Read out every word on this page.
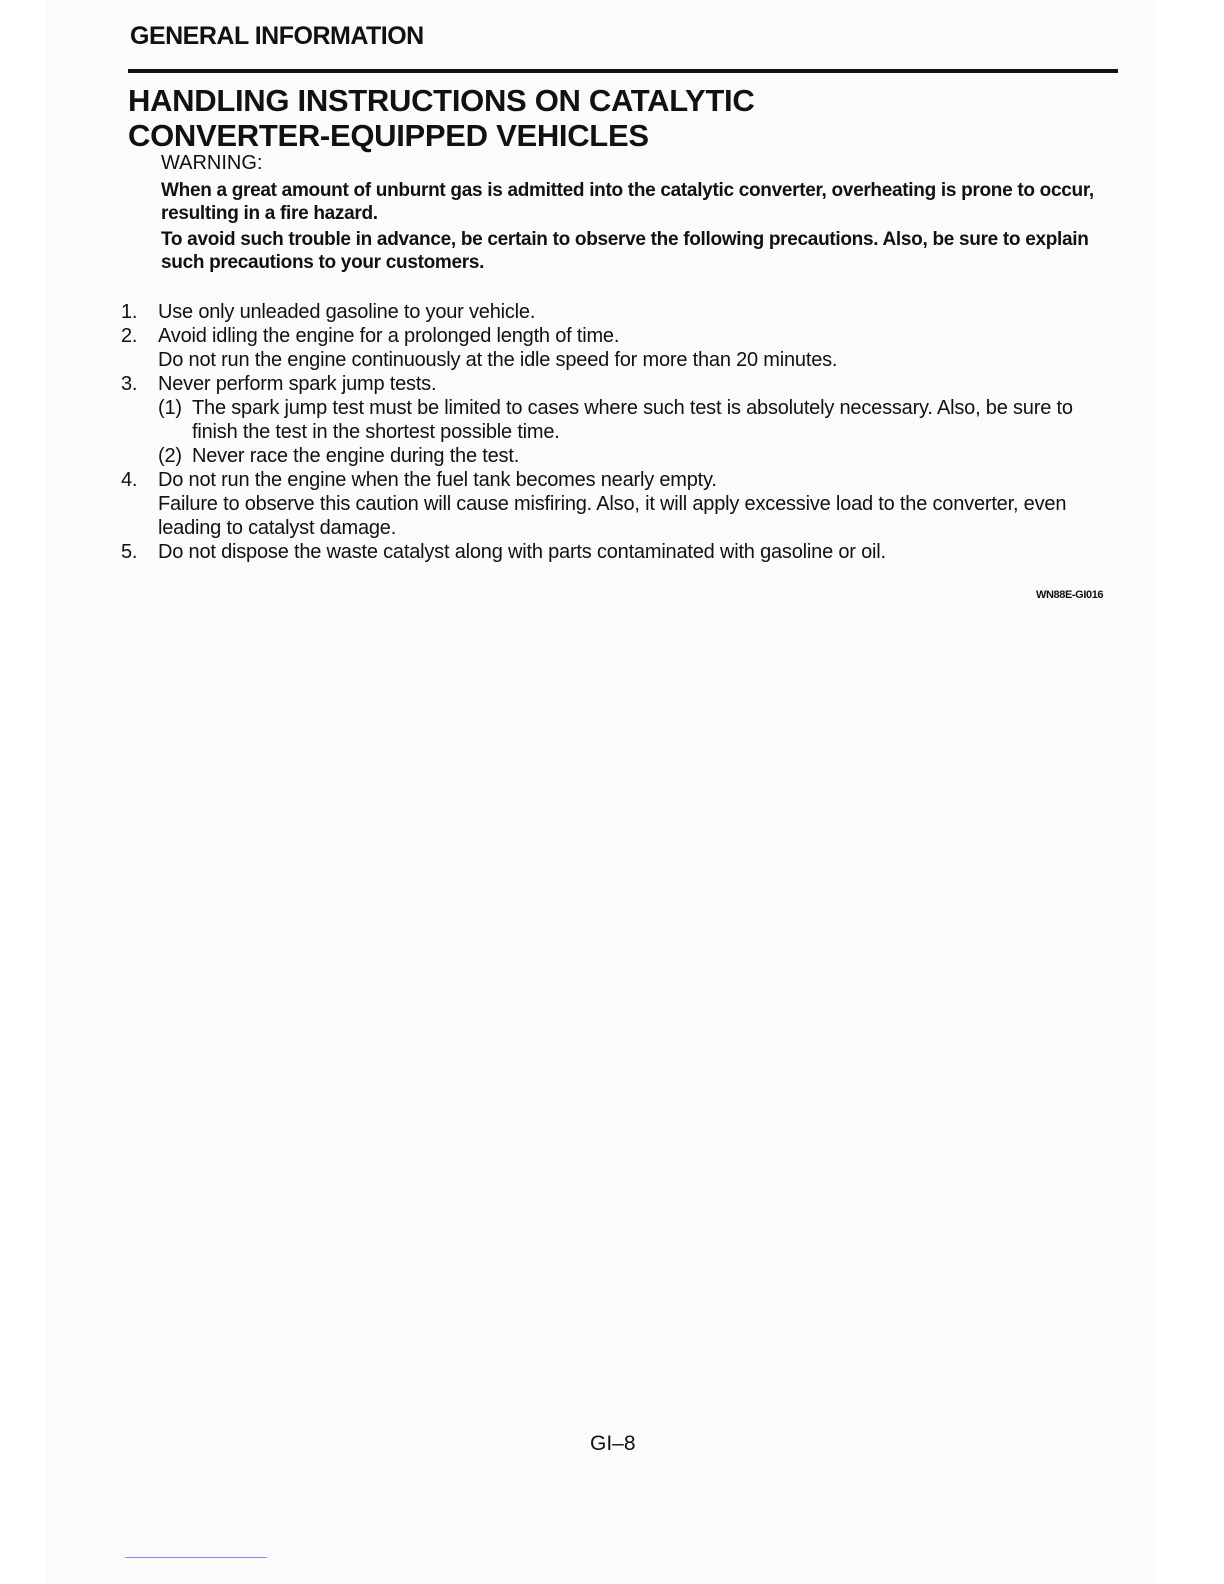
GENERAL INFORMATION
HANDLING INSTRUCTIONS ON CATALYTIC
CONVERTER-EQUIPPED VEHICLES
WARNING:

When a great amount of unburnt gas is admitted into the catalytic converter, overheating is prone to occur, resulting in a fire hazard.

To avoid such trouble in advance, be certain to observe the following precautions. Also, be sure to explain such precautions to your customers.

1.	Use only unleaded gasoline to your vehicle.
2.	Avoid idling the engine for a prolonged length of time.
Do not run the engine continuously at the idle speed for more than 20 minutes.
3.	Never perform spark jump tests.
(1) The spark jump test must be limited to cases where such test is absolutely necessary. Also, be sure to finish the test in the shortest possible time.
(2) Never race the engine during the test.
4.	Do not run the engine when the fuel tank becomes nearly empty.
Failure to observe this caution will cause misfiring. Also, it will apply excessive load to the converter, even leading to catalyst damage.
5.	Do not dispose the waste catalyst along with parts contaminated with gasoline or oil.
WN88E-GI016
GI–8
